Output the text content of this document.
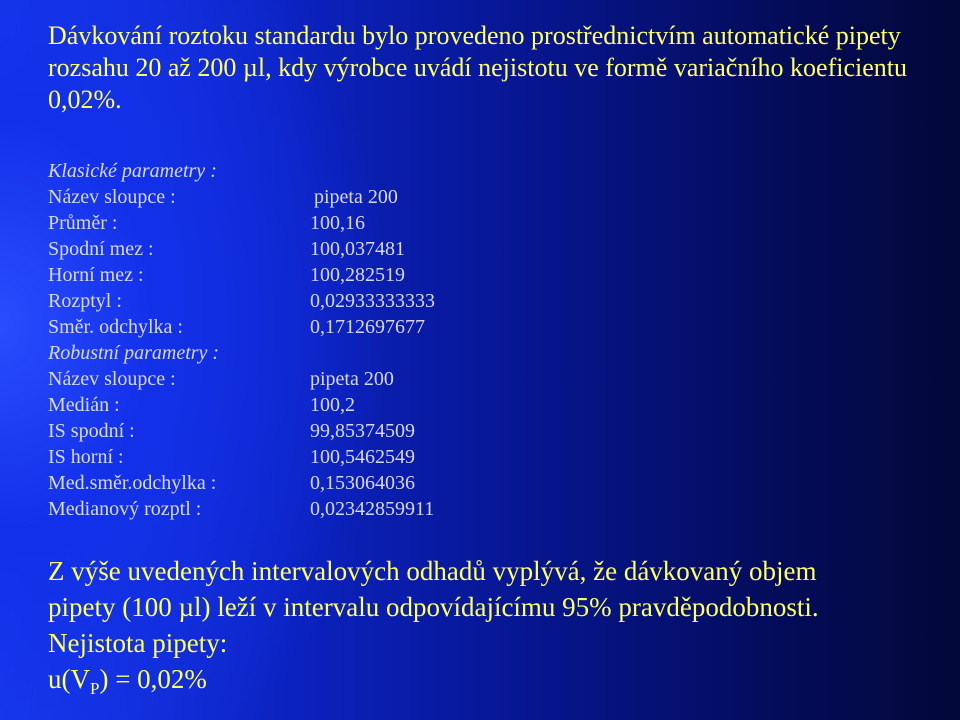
Dávkování roztoku standardu bylo provedeno prostřednictvím automatické pipety rozsahu 20 až 200 µl, kdy výrobce uvádí nejistotu ve formě variačního koeficientu 0,02%.

Klasické parametry :
Název sloupce :	pipeta 200
Průměr :	100,16
Spodní mez :	100,037481
Horní mez :	100,282519
Rozptyl :	0,02933333333
Směr. odchylka :	0,1712697677
Robustní parametry :
Název sloupce :	pipeta 200
Medián :	100,2
IS spodní :	99,85374509
IS horní :	100,5462549
Med.směr.odchylka :	0,153064036
Medianový rozptl :	0,02342859911
Z výše uvedených intervalových odhadů vyplývá, že dávkovaný objem
pipety (100 µl) leží v intervalu odpovídajícímu 95% pravděpodobnosti.
Nejistota pipety:
$u(V_P) = 0,02\%$
